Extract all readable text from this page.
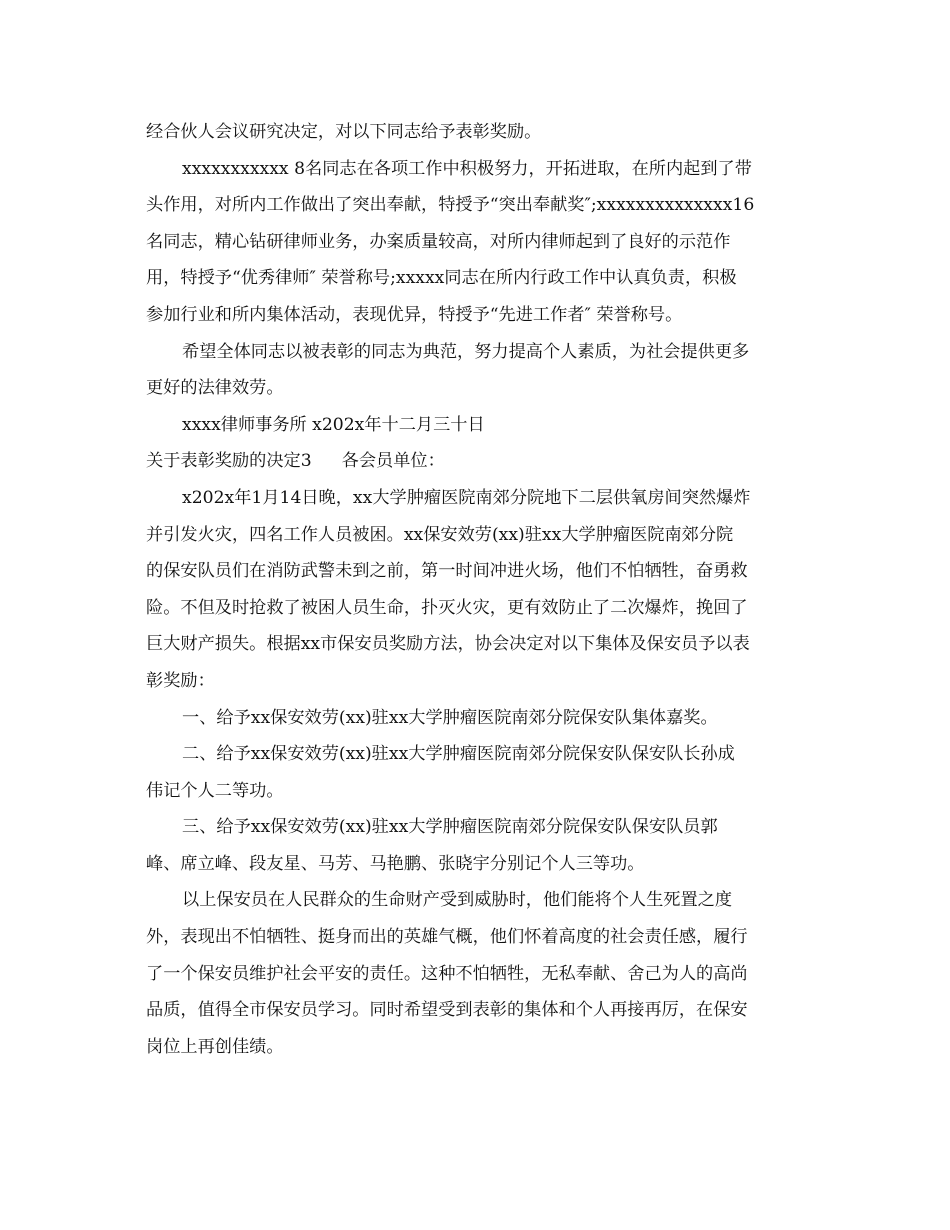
经合伙人会议研究决定，对以下同志给予表彰奖励。

xxxxxxxxxxx 8名同志在各项工作中积极努力，开拓进取，在所内起到了带

头作用，对所内工作做出了突出奉献，特授予“突出奉献奖″;xxxxxxxxxxxxxx16

名同志，精心钻研律师业务，办案质量较高，对所内律师起到了良好的示范作

用，特授予“优秀律师″ 荣誉称号;xxxxx同志在所内行政工作中认真负责，积极

参加行业和所内集体活动，表现优异，特授予“先进工作者″ 荣誉称号。

希望全体同志以被表彰的同志为典范，努力提高个人素质，为社会提供更多

更好的法律效劳。

xxxx律师事务所 x202x年十二月三十日

关于表彰奖励的决定3 各会员单位：

x202x年1月14日晚，xx大学肿瘤医院南郊分院地下二层供氧房间突然爆炸

并引发火灾，四名工作人员被困。xx保安效劳(xx)驻xx大学肿瘤医院南郊分院

的保安队员们在消防武警未到之前，第一时间冲进火场，他们不怕牺牲，奋勇救

险。不但及时抢救了被困人员生命，扑灭火灾，更有效防止了二次爆炸，挽回了

巨大财产损失。根据xx市保安员奖励方法，协会决定对以下集体及保安员予以表

彰奖励：

一、给予xx保安效劳(xx)驻xx大学肿瘤医院南郊分院保安队集体嘉奖。

二、给予xx保安效劳(xx)驻xx大学肿瘤医院南郊分院保安队保安队长孙成

伟记个人二等功。

三、给予xx保安效劳(xx)驻xx大学肿瘤医院南郊分院保安队保安队员郭

峰、席立峰、段友星、马芳、马艳鹏、张晓宇分别记个人三等功。

以上保安员在人民群众的生命财产受到威胁时，他们能将个人生死置之度

外，表现出不怕牺牲、挺身而出的英雄气概，他们怀着高度的社会责任感，履行

了一个保安员维护社会平安的责任。这种不怕牺牲，无私奉献、舍己为人的高尚

品质，值得全市保安员学习。同时希望受到表彰的集体和个人再接再厉，在保安

岗位上再创佳绩。
